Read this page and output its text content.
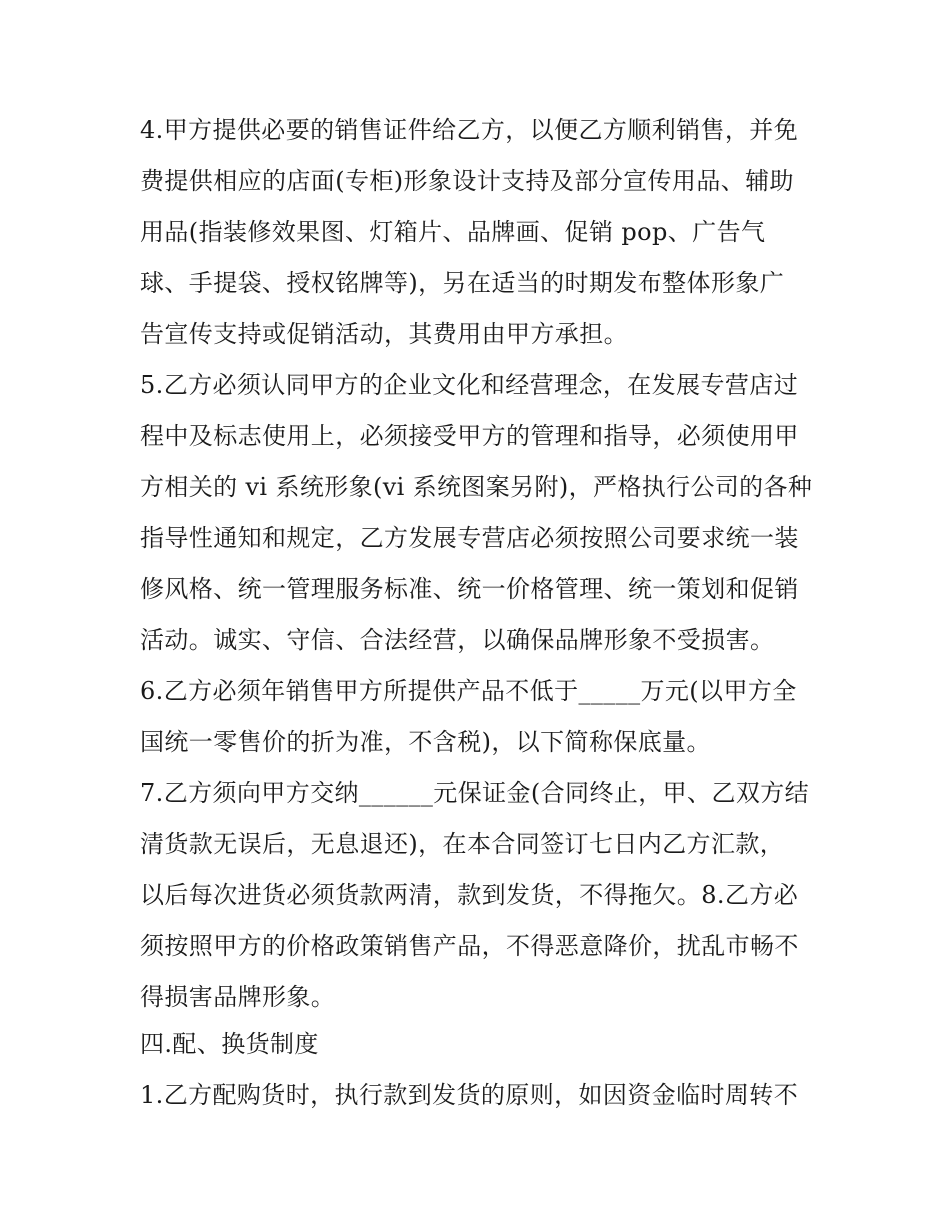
4.甲方提供必要的销售证件给乙方，以便乙方顺利销售，并免
费提供相应的店面(专柜)形象设计支持及部分宣传用品、辅助
用品(指装修效果图、灯箱片、品牌画、促销 pop、广告气
球、手提袋、授权铭牌等)，另在适当的时期发布整体形象广
告宣传支持或促销活动，其费用由甲方承担。
5.乙方必须认同甲方的企业文化和经营理念，在发展专营店过
程中及标志使用上，必须接受甲方的管理和指导，必须使用甲
方相关的 vi 系统形象(vi 系统图案另附)，严格执行公司的各种
指导性通知和规定，乙方发展专营店必须按照公司要求统一装
修风格、统一管理服务标准、统一价格管理、统一策划和促销
活动。诚实、守信、合法经营，以确保品牌形象不受损害。
6.乙方必须年销售甲方所提供产品不低于_____万元(以甲方全
国统一零售价的折为准，不含税)，以下简称保底量。
7.乙方须向甲方交纳______元保证金(合同终止，甲、乙双方结
清货款无误后，无息退还)，在本合同签订七日内乙方汇款，
以后每次进货必须货款两清，款到发货，不得拖欠。8.乙方必
须按照甲方的价格政策销售产品，不得恶意降价，扰乱市畅不
得损害品牌形象。
四.配、换货制度
1.乙方配购货时，执行款到发货的原则，如因资金临时周转不
